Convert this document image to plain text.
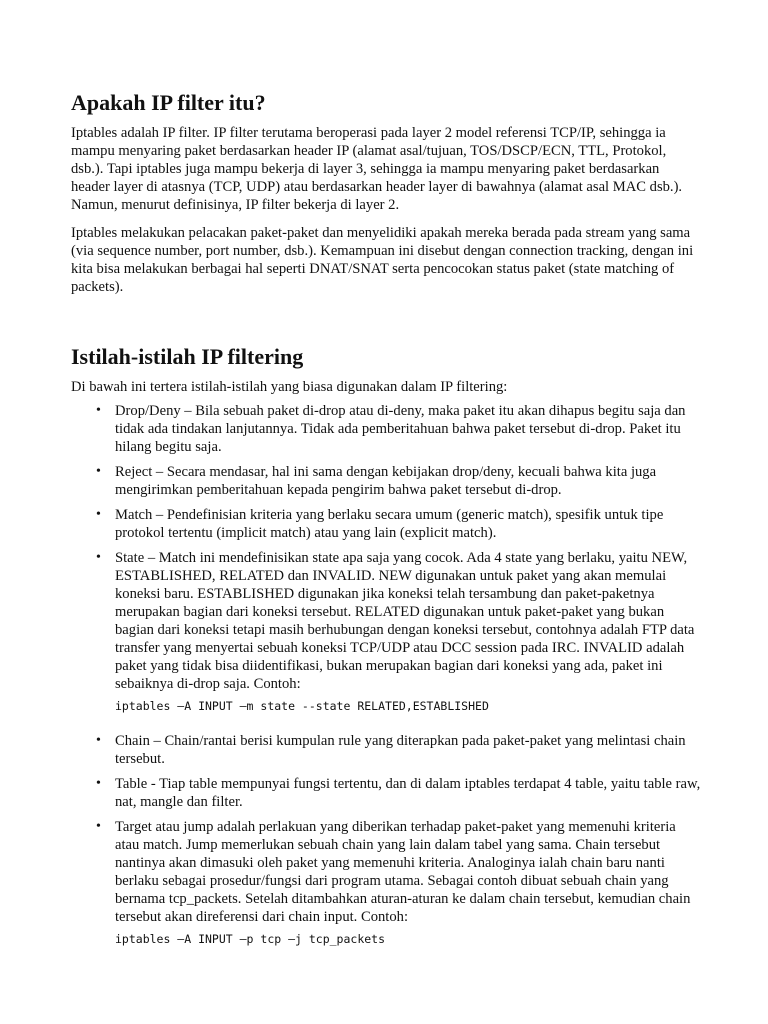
Apakah IP filter itu?

Iptables adalah IP filter. IP filter terutama beroperasi pada layer 2 model referensi TCP/IP, sehingga ia mampu menyaring paket berdasarkan header IP (alamat asal/tujuan, TOS/DSCP/ECN, TTL, Protokol, dsb.). Tapi iptables juga mampu bekerja di layer 3, sehingga ia mampu menyaring paket berdasarkan header layer di atasnya (TCP, UDP) atau berdasarkan header layer di bawahnya (alamat asal MAC dsb.). Namun, menurut definisinya, IP filter bekerja di layer 2.

Iptables melakukan pelacakan paket-paket dan menyelidiki apakah mereka berada pada stream yang sama (via sequence number, port number, dsb.). Kemampuan ini disebut dengan connection tracking, dengan ini kita bisa melakukan berbagai hal seperti DNAT/SNAT serta pencocokan status paket (state matching of packets).

Istilah-istilah IP filtering

Di bawah ini tertera istilah-istilah yang biasa digunakan dalam IP filtering:

• Drop/Deny – Bila sebuah paket di-drop atau di-deny, maka paket itu akan dihapus begitu saja dan tidak ada tindakan lanjutannya. Tidak ada pemberitahuan bahwa paket tersebut di-drop. Paket itu hilang begitu saja.
• Reject – Secara mendasar, hal ini sama dengan kebijakan drop/deny, kecuali bahwa kita juga mengirimkan pemberitahuan kepada pengirim bahwa paket tersebut di-drop.
• Match – Pendefinisian kriteria yang berlaku secara umum (generic match), spesifik untuk tipe protokol tertentu (implicit match) atau yang lain (explicit match).
• State – Match ini mendefinisikan state apa saja yang cocok. Ada 4 state yang berlaku, yaitu NEW, ESTABLISHED, RELATED dan INVALID. NEW digunakan untuk paket yang akan memulai koneksi baru. ESTABLISHED digunakan jika koneksi telah tersambung dan paket-paketnya merupakan bagian dari koneksi tersebut. RELATED digunakan untuk paket-paket yang bukan bagian dari koneksi tetapi masih berhubungan dengan koneksi tersebut, contohnya adalah FTP data transfer yang menyertai sebuah koneksi TCP/UDP atau DCC session pada IRC. INVALID adalah paket yang tidak bisa diidentifikasi, bukan merupakan bagian dari koneksi yang ada, paket ini sebaiknya di-drop saja. Contoh:
iptables –A INPUT –m state --state RELATED,ESTABLISHED
• Chain – Chain/rantai berisi kumpulan rule yang diterapkan pada paket-paket yang melintasi chain tersebut.
• Table - Tiap table mempunyai fungsi tertentu, dan di dalam iptables terdapat 4 table, yaitu table raw, nat, mangle dan filter.
• Target atau jump adalah perlakuan yang diberikan terhadap paket-paket yang memenuhi kriteria atau match. Jump memerlukan sebuah chain yang lain dalam tabel yang sama. Chain tersebut nantinya akan dimasuki oleh paket yang memenuhi kriteria. Analoginya ialah chain baru nanti berlaku sebagai prosedur/fungsi dari program utama. Sebagai contoh dibuat sebuah chain yang bernama tcp_packets. Setelah ditambahkan aturan-aturan ke dalam chain tersebut, kemudian chain tersebut akan direferensi dari chain input. Contoh:
iptables –A INPUT –p tcp –j tcp_packets
